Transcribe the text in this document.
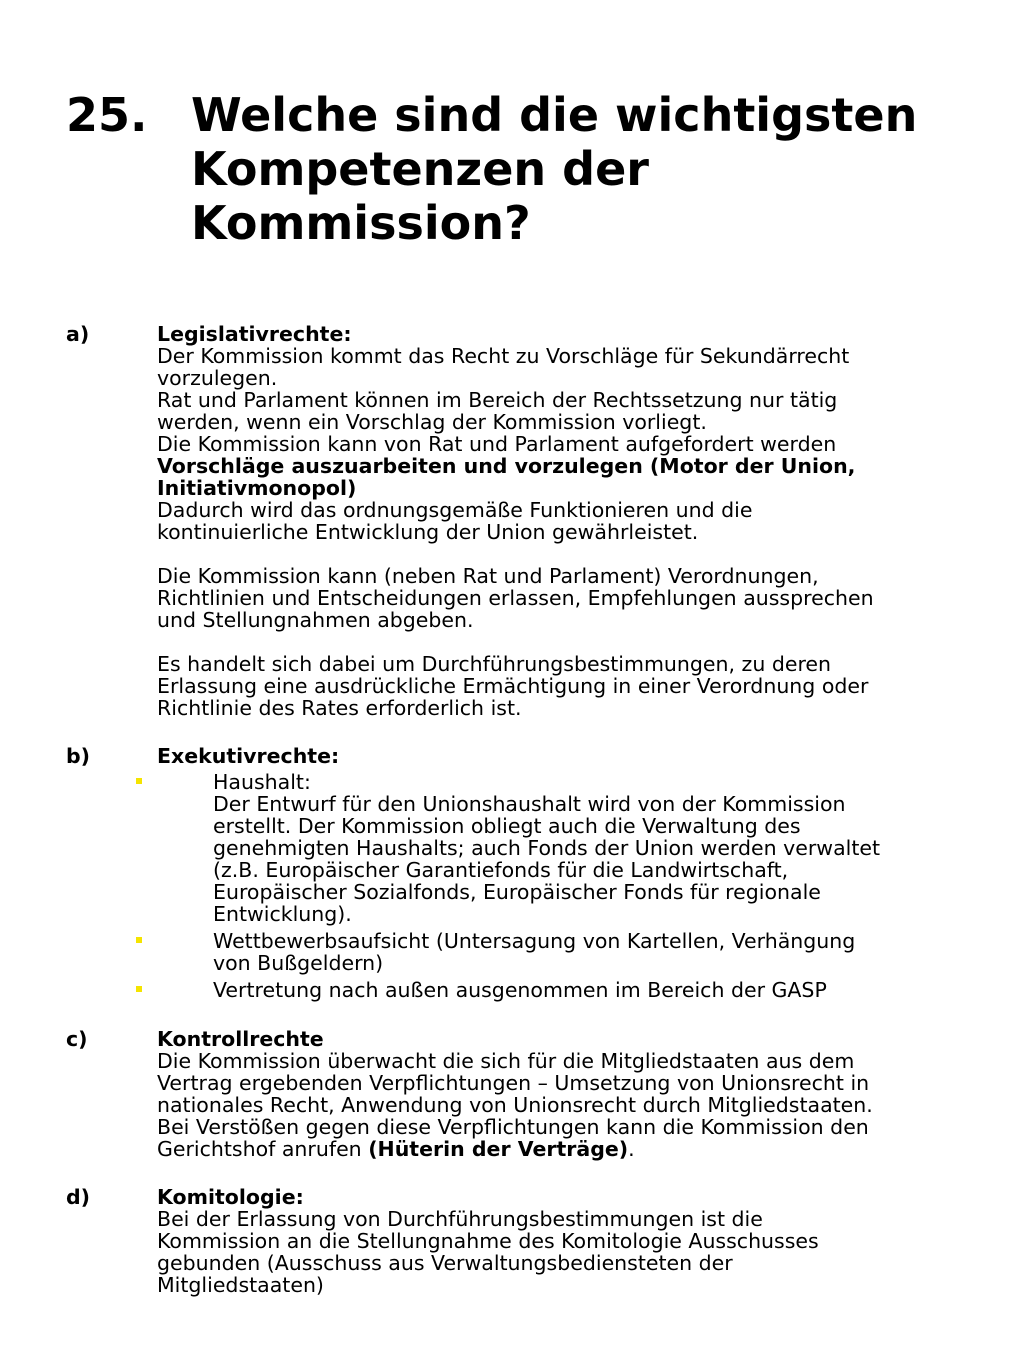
25. Welche sind die wichtigsten
Kompetenzen der
Kommission?
a)	Legislativrechte:
Der Kommission kommt das Recht zu Vorschläge für Sekundärrecht
vorzulegen.
Rat und Parlament können im Bereich der Rechtssetzung nur tätig
werden, wenn ein Vorschlag der Kommission vorliegt.
Die Kommission kann von Rat und Parlament aufgefordert werden
Vorschläge auszuarbeiten und vorzulegen (Motor der Union,
Initiativmonopol)
Dadurch wird das ordnungsgemäße Funktionieren und die
kontinuierliche Entwicklung der Union gewährleistet.
Die Kommission kann (neben Rat und Parlament) Verordnungen,
Richtlinien und Entscheidungen erlassen, Empfehlungen aussprechen
und Stellungnahmen abgeben.
Es handelt sich dabei um Durchführungsbestimmungen, zu deren
Erlassung eine ausdrückliche Ermächtigung in einer Verordnung oder
Richtlinie des Rates erforderlich ist.
b)	Exekutivrechte:
Haushalt:
Der Entwurf für den Unionshaushalt wird von der Kommission
erstellt. Der Kommission obliegt auch die Verwaltung des
genehmigten Haushalts; auch Fonds der Union werden verwaltet
(z.B. Europäischer Garantiefonds für die Landwirtschaft,
Europäischer Sozialfonds, Europäischer Fonds für regionale
Entwicklung).
Wettbewerbsaufsicht (Untersagung von Kartellen, Verhängung
von Bußgeldern)
Vertretung nach außen ausgenommen im Bereich der GASP
c)	Kontrollrechte
Die Kommission überwacht die sich für die Mitgliedstaaten aus dem
Vertrag ergebenden Verpflichtungen – Umsetzung von Unionsrecht in
nationales Recht, Anwendung von Unionsrecht durch Mitgliedstaaten.
Bei Verstößen gegen diese Verpflichtungen kann die Kommission den
Gerichtshof anrufen (Hüterin der Verträge).
d)	Komitologie:
Bei der Erlassung von Durchführungsbestimmungen ist die
Kommission an die Stellungnahme des Komitologie Ausschusses
gebunden (Ausschuss aus Verwaltungsbediensteten der
Mitgliedstaaten)
